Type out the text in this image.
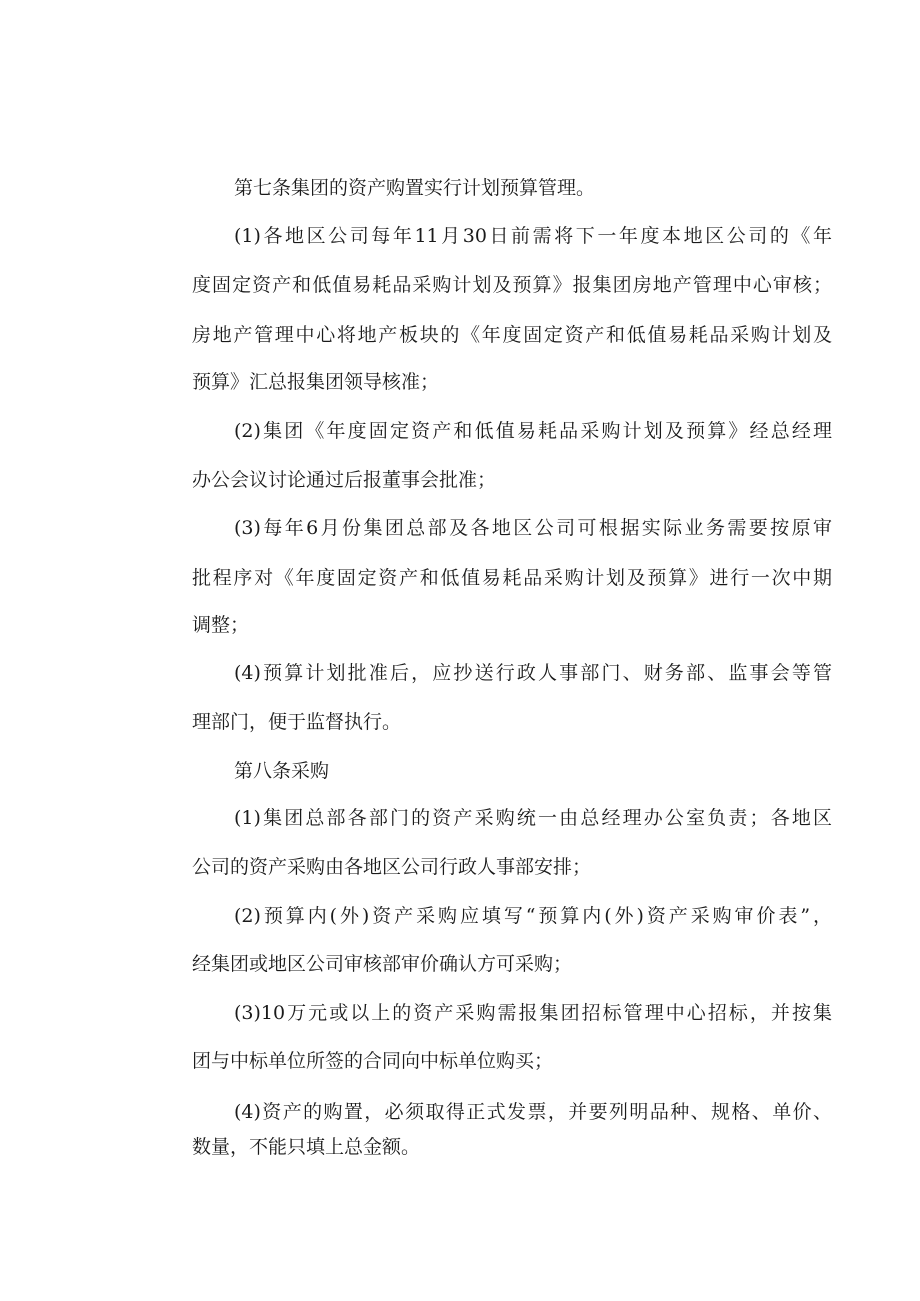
第七条集团的资产购置实行计划预算管理。
(1)各地区公司每年11月30日前需将下一年度本地区公司的《年
度固定资产和低值易耗品采购计划及预算》报集团房地产管理中心审核；
房地产管理中心将地产板块的《年度固定资产和低值易耗品采购计划及
预算》汇总报集团领导核准；
(2)集团《年度固定资产和低值易耗品采购计划及预算》经总经理
办公会议讨论通过后报董事会批准；
(3)每年6月份集团总部及各地区公司可根据实际业务需要按原审
批程序对《年度固定资产和低值易耗品采购计划及预算》进行一次中期
调整；
(4)预算计划批准后，应抄送行政人事部门、财务部、监事会等管
理部门，便于监督执行。
第八条采购
(1)集团总部各部门的资产采购统一由总经理办公室负责；各地区
公司的资产采购由各地区公司行政人事部安排；
(2)预算内(外)资产采购应填写“预算内(外)资产采购审价表”，
经集团或地区公司审核部审价确认方可采购；
(3)10万元或以上的资产采购需报集团招标管理中心招标，并按集
团与中标单位所签的合同向中标单位购买；
(4)资产的购置，必须取得正式发票，并要列明品种、规格、单价、
数量，不能只填上总金额。
